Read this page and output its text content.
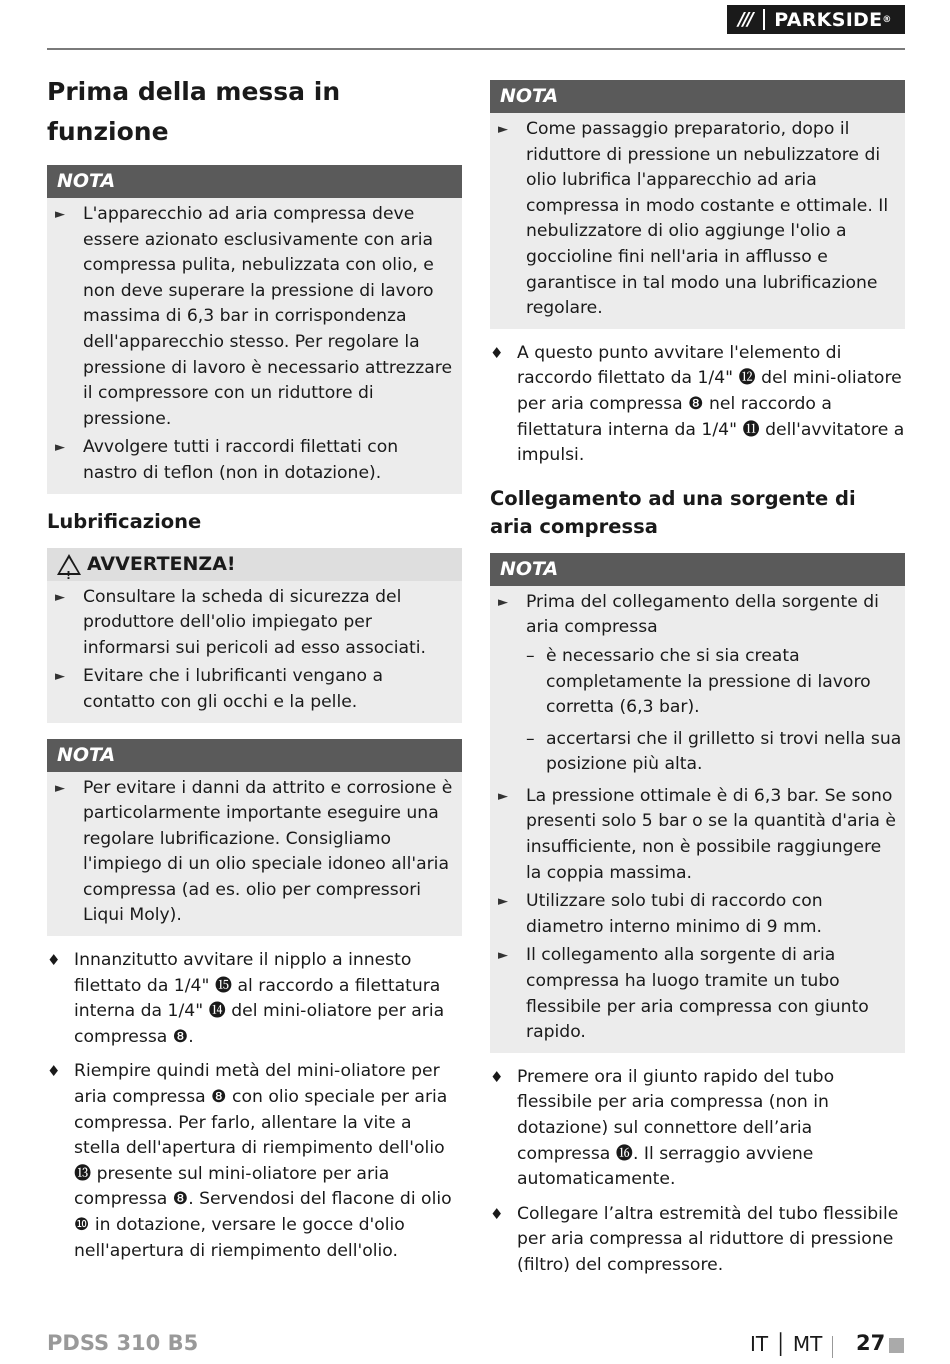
///	PARKSIDE ®
Prima della messa in funzione
NOTA
►	L'apparecchio ad aria compressa deve essere azionato esclusivamente con aria compressa pulita, nebulizzata con olio, e non deve superare la pressione di lavoro massima di 6,3 bar in corrispondenza dell'apparecchio stesso. Per regolare la pressione di lavoro è necessario attrezzare il compressore con un riduttore di pressione.
►	Avvolgere tutti i raccordi filettati con nastro di teflon (non in dotazione).
Lubrificazione
!
AVVERTENZA!
►	Consultare la scheda di sicurezza del produttore dell'olio impiegato per informarsi sui pericoli ad esso associati.
►	Evitare che i lubrificanti vengano a contatto con gli occhi e la pelle.
NOTA
►	Per evitare i danni da attrito e corrosione è particolarmente importante eseguire una regolare lubrificazione. Consigliamo l'impiego di un olio speciale idoneo all'aria compressa (ad es. olio per compressori Liqui Moly).
♦ Innanzitutto avvitare il nipplo a innesto filettato da 1/4" ⓯ al raccordo a filettatura interna da 1/4" ⓮ del mini-oliatore per aria compressa ❽.
♦ Riempire quindi metà del mini-oliatore per aria compressa ❽ con olio speciale per aria compressa. Per farlo, allentare la vite a stella dell'apertura di riempimento dell'olio ⓭ presente sul mini-oliatore per aria compressa ❽. Servendosi del flacone di olio ❿ in dotazione, versare le gocce d'olio nell'apertura di riempimento dell'olio.
NOTA
►	Come passaggio preparatorio, dopo il riduttore di pressione un nebulizzatore di olio lubrifica l'apparecchio ad aria compressa in modo costante e ottimale. Il nebulizzatore di olio aggiunge l'olio a goccioline fini nell'aria in afflusso e garantisce in tal modo una lubrificazione regolare.
♦ A questo punto avvitare l'elemento di raccordo filettato da 1/4" ⓬ del mini-oliatore per aria compressa ❽ nel raccordo a filettatura interna da 1/4" ⓫ dell'avvitatore a impulsi.
Collegamento ad una sorgente di aria compressa
NOTA
►	Prima del collegamento della sorgente di aria compressa
– è necessario che si sia creata completamente la pressione di lavoro corretta (6,3 bar).
– accertarsi che il grilletto si trovi nella sua posizione più alta.
►	La pressione ottimale è di 6,3 bar. Se sono presenti solo 5 bar o se la quantità d'aria è insufficiente, non è possibile raggiungere la coppia massima.
►	Utilizzare solo tubi di raccordo con diametro interno minimo di 9 mm.
►	Il collegamento alla sorgente di aria compressa ha luogo tramite un tubo flessibile per aria compressa con giunto rapido.
♦ Premere ora il giunto rapido del tubo flessibile per aria compressa (non in dotazione) sul connettore dell’aria compressa ⓰. Il serraggio avviene automaticamente.
♦ Collegare l’altra estremità del tubo flessibile per aria compressa al riduttore di pressione (filtro) del compressore.
PDSS 310 B5	IT │ MT 27
